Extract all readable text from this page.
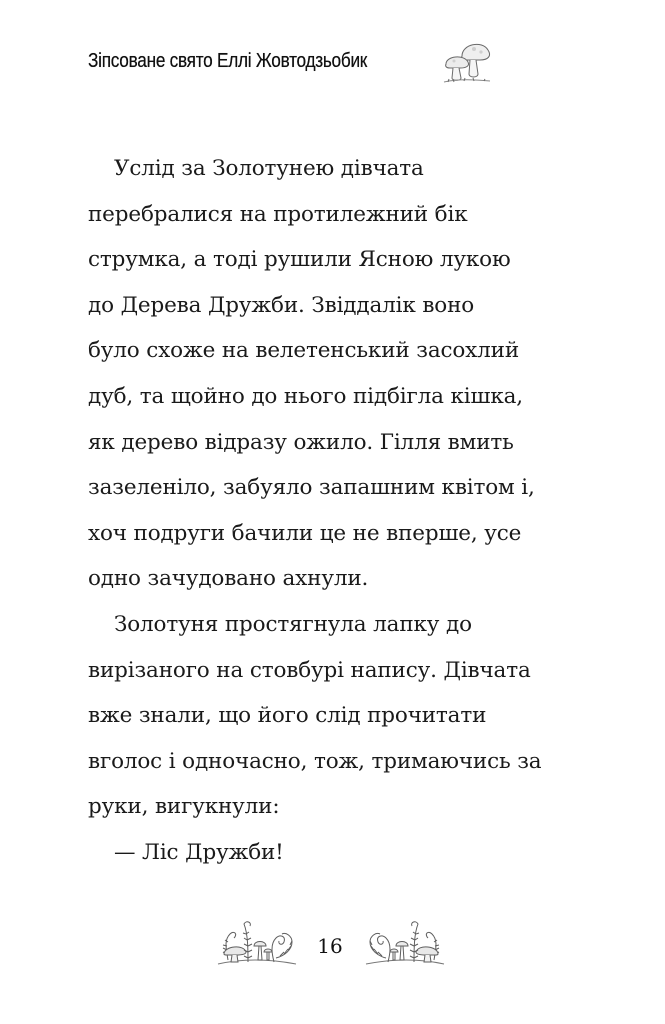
Зіпсоване свято Еллі Жовтодзьобик
Услід за Золотунею дівчата
перебралися на протилежний бік
струмка, а тоді рушили Ясною лукою
до Дерева Дружби. Звіддалік воно
було схоже на велетенський засохлий
дуб, та щойно до нього підбігла кішка,
як дерево відразу ожило. Гілля вмить
зазеленіло, забуяло запашним квітом і,
хоч подруги бачили це не вперше, усе
одно зачудовано ахнули.
Золотуня простягнула лапку до
вирізаного на стовбурі напису. Дівчата
вже знали, що його слід прочитати
вголос і одночасно, тож, тримаючись за
руки, вигукнули:
— Ліс Дружби!
16
